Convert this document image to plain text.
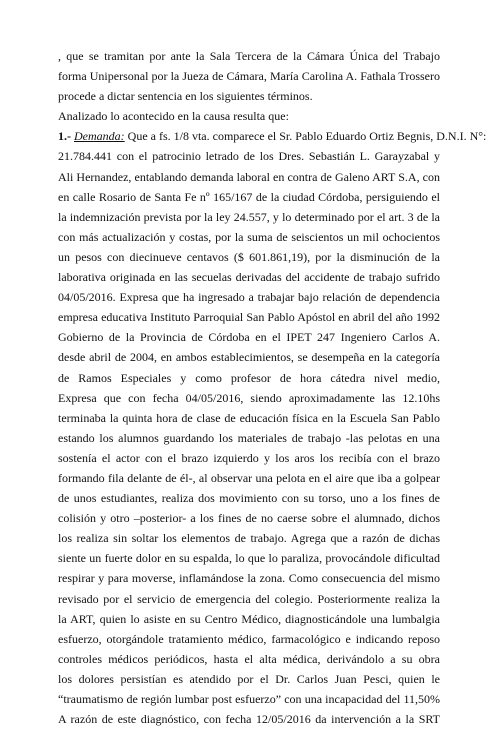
, que se tramitan por ante la Sala Tercera de la Cámara Única del Trabajo
forma Unipersonal por la Jueza de Cámara, María Carolina A. Fathala Trossero
procede a dictar sentencia en los siguientes términos.
Analizado lo acontecido en la causa resulta que:
1.- Demanda: Que a fs. 1/8 vta. comparece el Sr. Pablo Eduardo Ortiz Begnis, D.N.I. N°:
21.784.441 con el patrocinio letrado de los Dres. Sebastián L. Garayzabal y
Ali Hernandez, entablando demanda laboral en contra de Galeno ART S.A, con
en calle Rosario de Santa Fe nº 165/167 de la ciudad Córdoba, persiguiendo el
la indemnización prevista por la ley 24.557, y lo determinado por el art. 3 de la
con más actualización y costas, por la suma de seiscientos un mil ochocientos
un pesos con diecinueve centavos ($ 601.861,19), por la disminución de la
laborativa originada en las secuelas derivadas del accidente de trabajo sufrido
04/05/2016. Expresa que ha ingresado a trabajar bajo relación de dependencia
empresa educativa Instituto Parroquial San Pablo Apóstol en abril del año 1992
Gobierno de la Provincia de Córdoba en el IPET 247 Ingeniero Carlos A.
desde abril de 2004, en ambos establecimientos, se desempeña en la categoría
de Ramos Especiales y como profesor de hora cátedra nivel medio,
Expresa que con fecha 04/05/2016, siendo aproximadamente las 12.10hs
terminaba la quinta hora de clase de educación física en la Escuela San Pablo
estando los alumnos guardando los materiales de trabajo -las pelotas en una
sostenía el actor con el brazo izquierdo y los aros los recibía con el brazo
formando fila delante de él-, al observar una pelota en el aire que iba a golpear
de unos estudiantes, realiza dos movimiento con su torso, uno a los fines de
colisión y otro –posterior- a los fines de no caerse sobre el alumnado, dichos
los realiza sin soltar los elementos de trabajo. Agrega que a razón de dichas
siente un fuerte dolor en su espalda, lo que lo paraliza, provocándole dificultad
respirar y para moverse, inflamándose la zona. Como consecuencia del mismo
revisado por el servicio de emergencia del colegio. Posteriormente realiza la
la ART, quien lo asiste en su Centro Médico, diagnosticándole una lumbalgia
esfuerzo, otorgándole tratamiento médico, farmacológico e indicando reposo
controles médicos periódicos, hasta el alta médica, derivándolo a su obra
los dolores persistían es atendido por el Dr. Carlos Juan Pesci, quien le
“traumatismo de región lumbar post esfuerzo” con una incapacidad del 11,50%
A razón de este diagnóstico, con fecha 12/05/2016 da intervención a la SRT
